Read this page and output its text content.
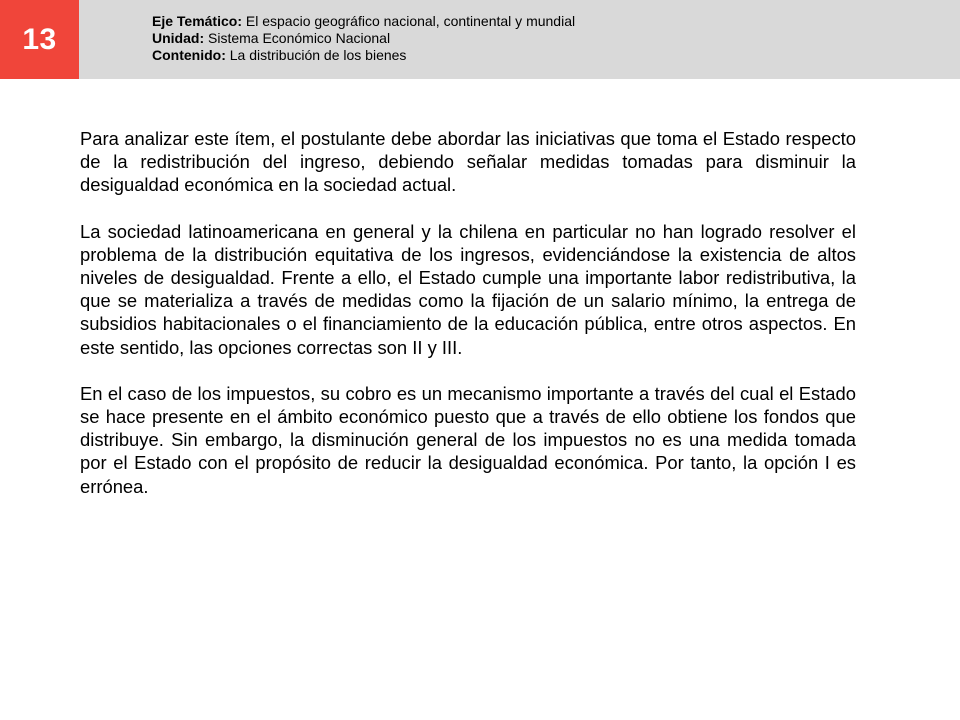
13
Eje Temático: El espacio geográfico nacional, continental y mundial
Unidad: Sistema Económico Nacional
Contenido: La distribución de los bienes

Para analizar este ítem, el postulante debe abordar las iniciativas que toma el Estado respecto de la redistribución del ingreso, debiendo señalar medidas tomadas para disminuir la desigualdad económica en la sociedad actual.

La sociedad latinoamericana en general y la chilena en particular no han logrado resolver el problema de la distribución equitativa de los ingresos, evidenciándose la existencia de altos niveles de desigualdad. Frente a ello, el Estado cumple una importante labor redistributiva, la que se materializa a través de medidas como la fijación de un salario mínimo, la entrega de subsidios habitacionales o el financiamiento de la educación pública, entre otros aspectos. En este sentido, las opciones correctas son II y III.

En el caso de los impuestos, su cobro es un mecanismo importante a través del cual el Estado se hace presente en el ámbito económico puesto que a través de ello obtiene los fondos que distribuye. Sin embargo, la disminución general de los impuestos no es una medida tomada por el Estado con el propósito de reducir la desigualdad económica. Por tanto, la opción I es errónea.
